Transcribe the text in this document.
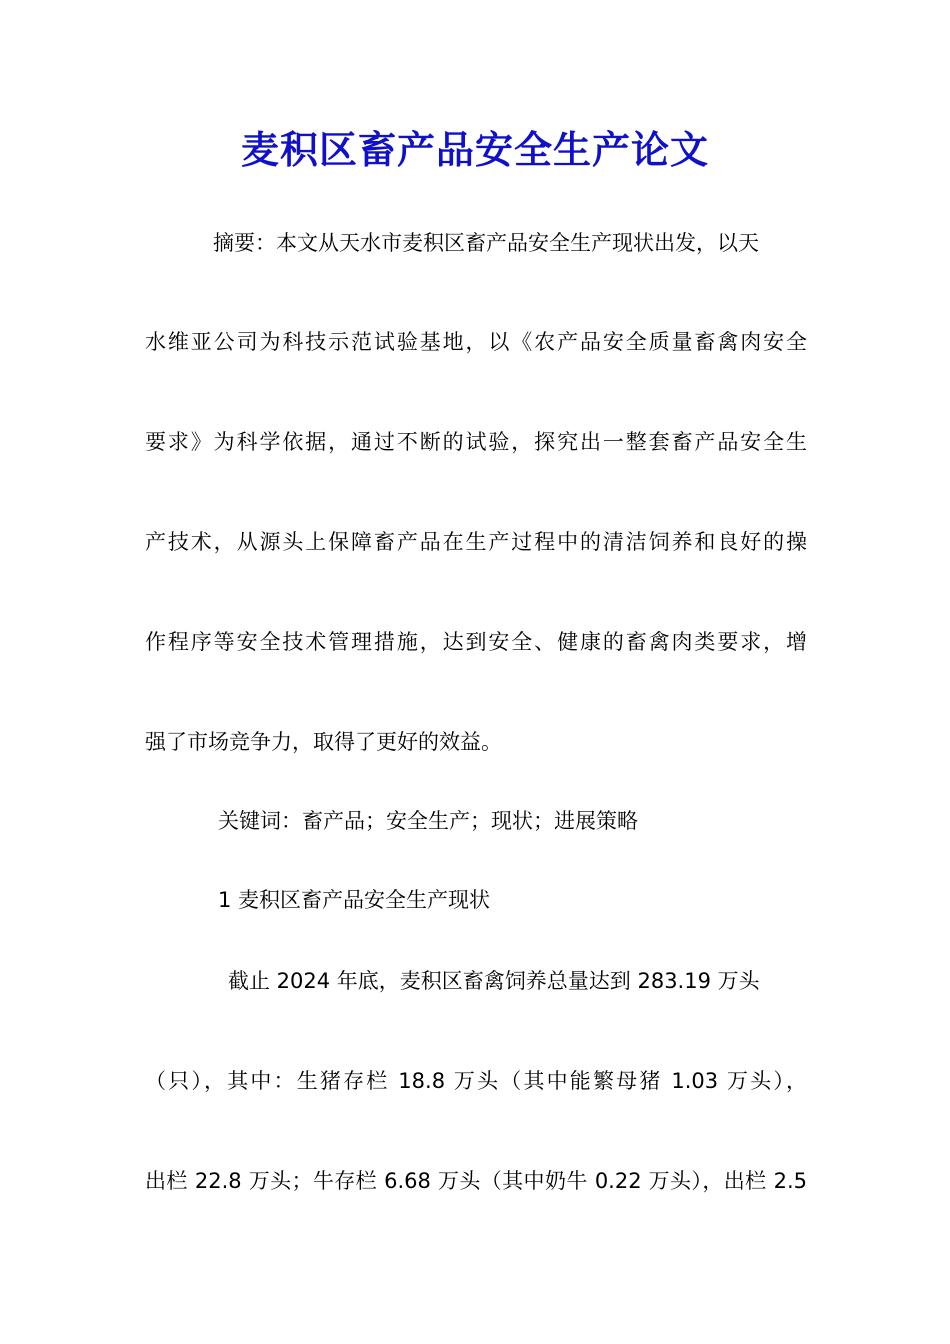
麦积区畜产品安全生产论文
摘要：本文从天水市麦积区畜产品安全生产现状出发，以天
水维亚公司为科技示范试验基地，以《农产品安全质量畜禽肉安全
要求》为科学依据，通过不断的试验，探究出一整套畜产品安全生
产技术，从源头上保障畜产品在生产过程中的清洁饲养和良好的操
作程序等安全技术管理措施，达到安全、健康的畜禽肉类要求，增
强了市场竞争力，取得了更好的效益。
关键词：畜产品；安全生产；现状；进展策略
1 麦积区畜产品安全生产现状
截止 2024 年底，麦积区畜禽饲养总量达到 283.19 万头
（只），其中：生猪存栏 18.8 万头（其中能繁母猪 1.03 万头），
出栏 22.8 万头；牛存栏 6.68 万头（其中奶牛 0.22 万头），出栏 2.5
